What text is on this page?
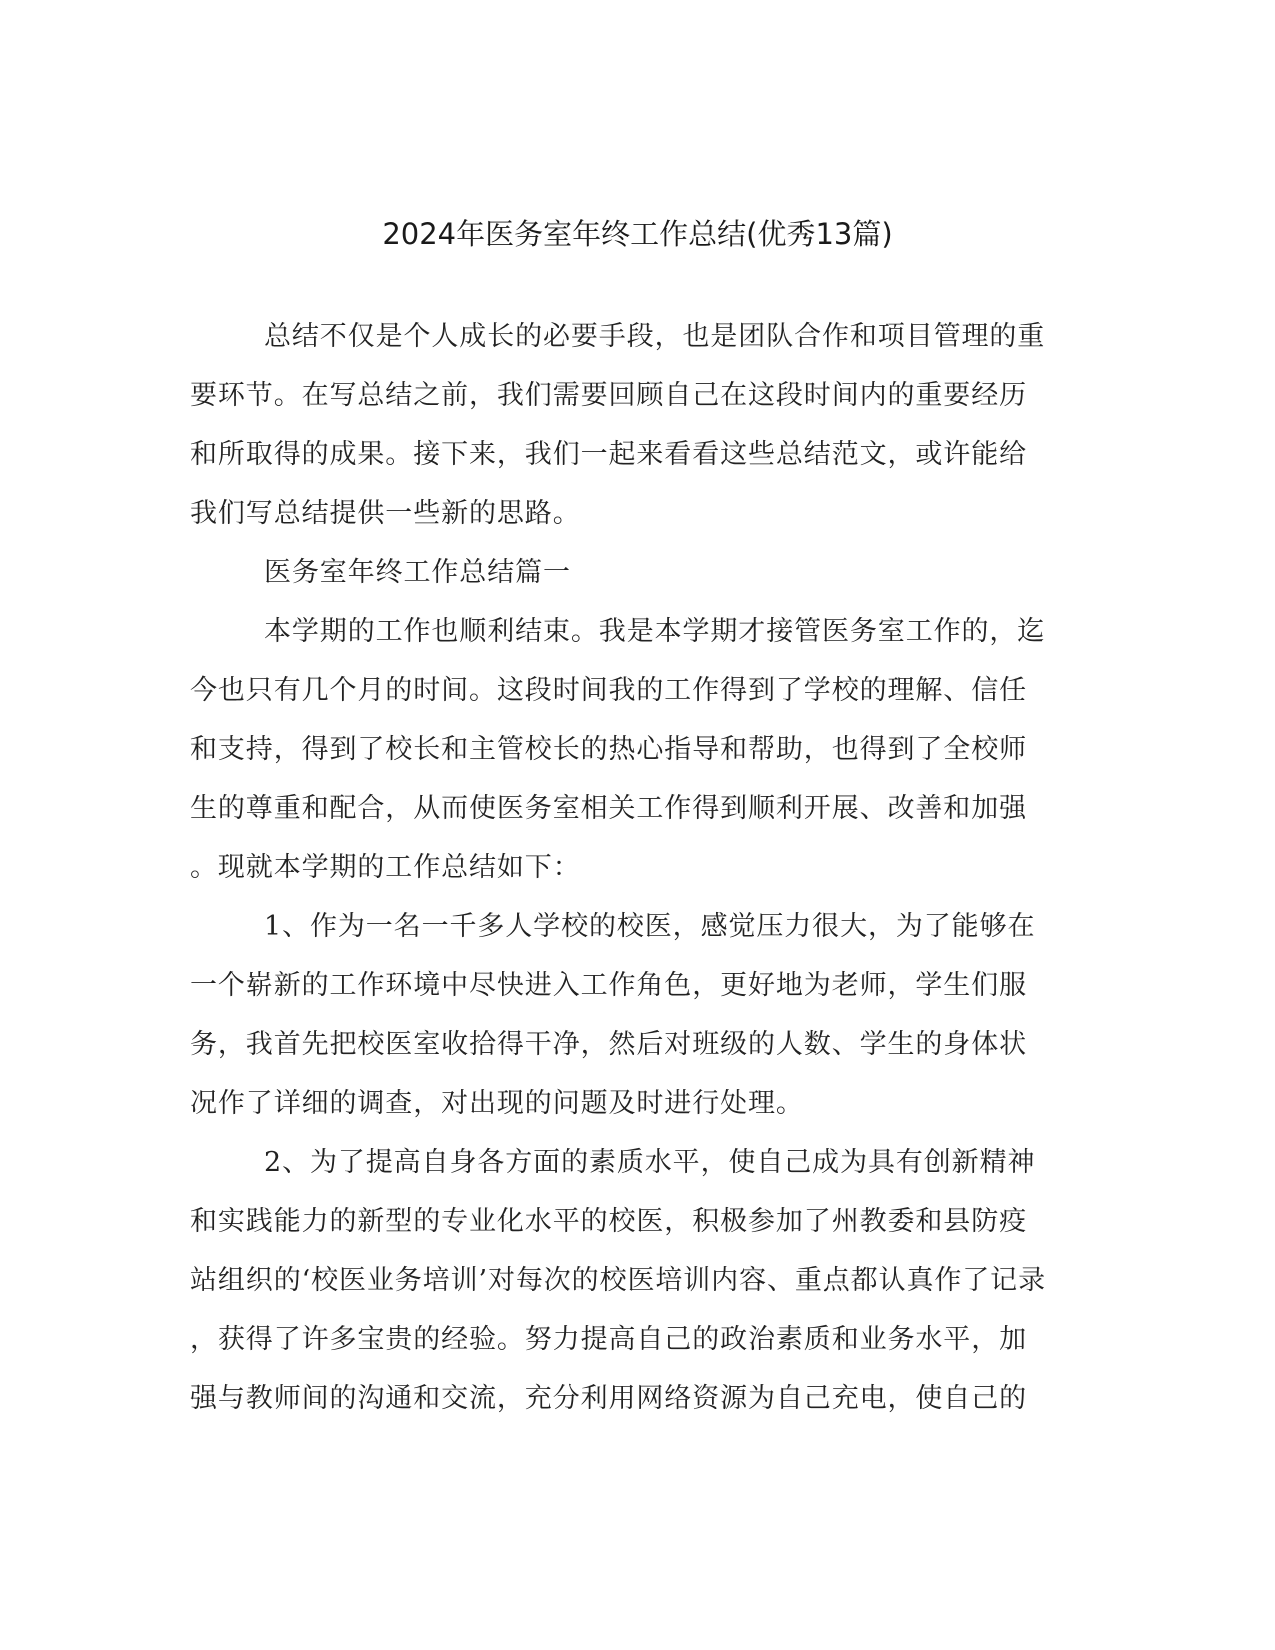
2024年医务室年终工作总结(优秀13篇)
总结不仅是个人成长的必要手段，也是团队合作和项目管理的重
要环节。在写总结之前，我们需要回顾自己在这段时间内的重要经历
和所取得的成果。接下来，我们一起来看看这些总结范文，或许能给
我们写总结提供一些新的思路。
医务室年终工作总结篇一
本学期的工作也顺利结束。我是本学期才接管医务室工作的，迄
今也只有几个月的时间。这段时间我的工作得到了学校的理解、信任
和支持，得到了校长和主管校长的热心指导和帮助，也得到了全校师
生的尊重和配合，从而使医务室相关工作得到顺利开展、改善和加强
。现就本学期的工作总结如下：
1、作为一名一千多人学校的校医，感觉压力很大，为了能够在
一个崭新的工作环境中尽快进入工作角色，更好地为老师，学生们服
务，我首先把校医室收拾得干净，然后对班级的人数、学生的身体状
况作了详细的调查，对出现的问题及时进行处理。
2、为了提高自身各方面的素质水平，使自己成为具有创新精神
和实践能力的新型的专业化水平的校医，积极参加了州教委和县防疫
站组织的‘校医业务培训’对每次的校医培训内容、重点都认真作了记录
，获得了许多宝贵的经验。努力提高自己的政治素质和业务水平，加
强与教师间的沟通和交流，充分利用网络资源为自己充电，使自己的
